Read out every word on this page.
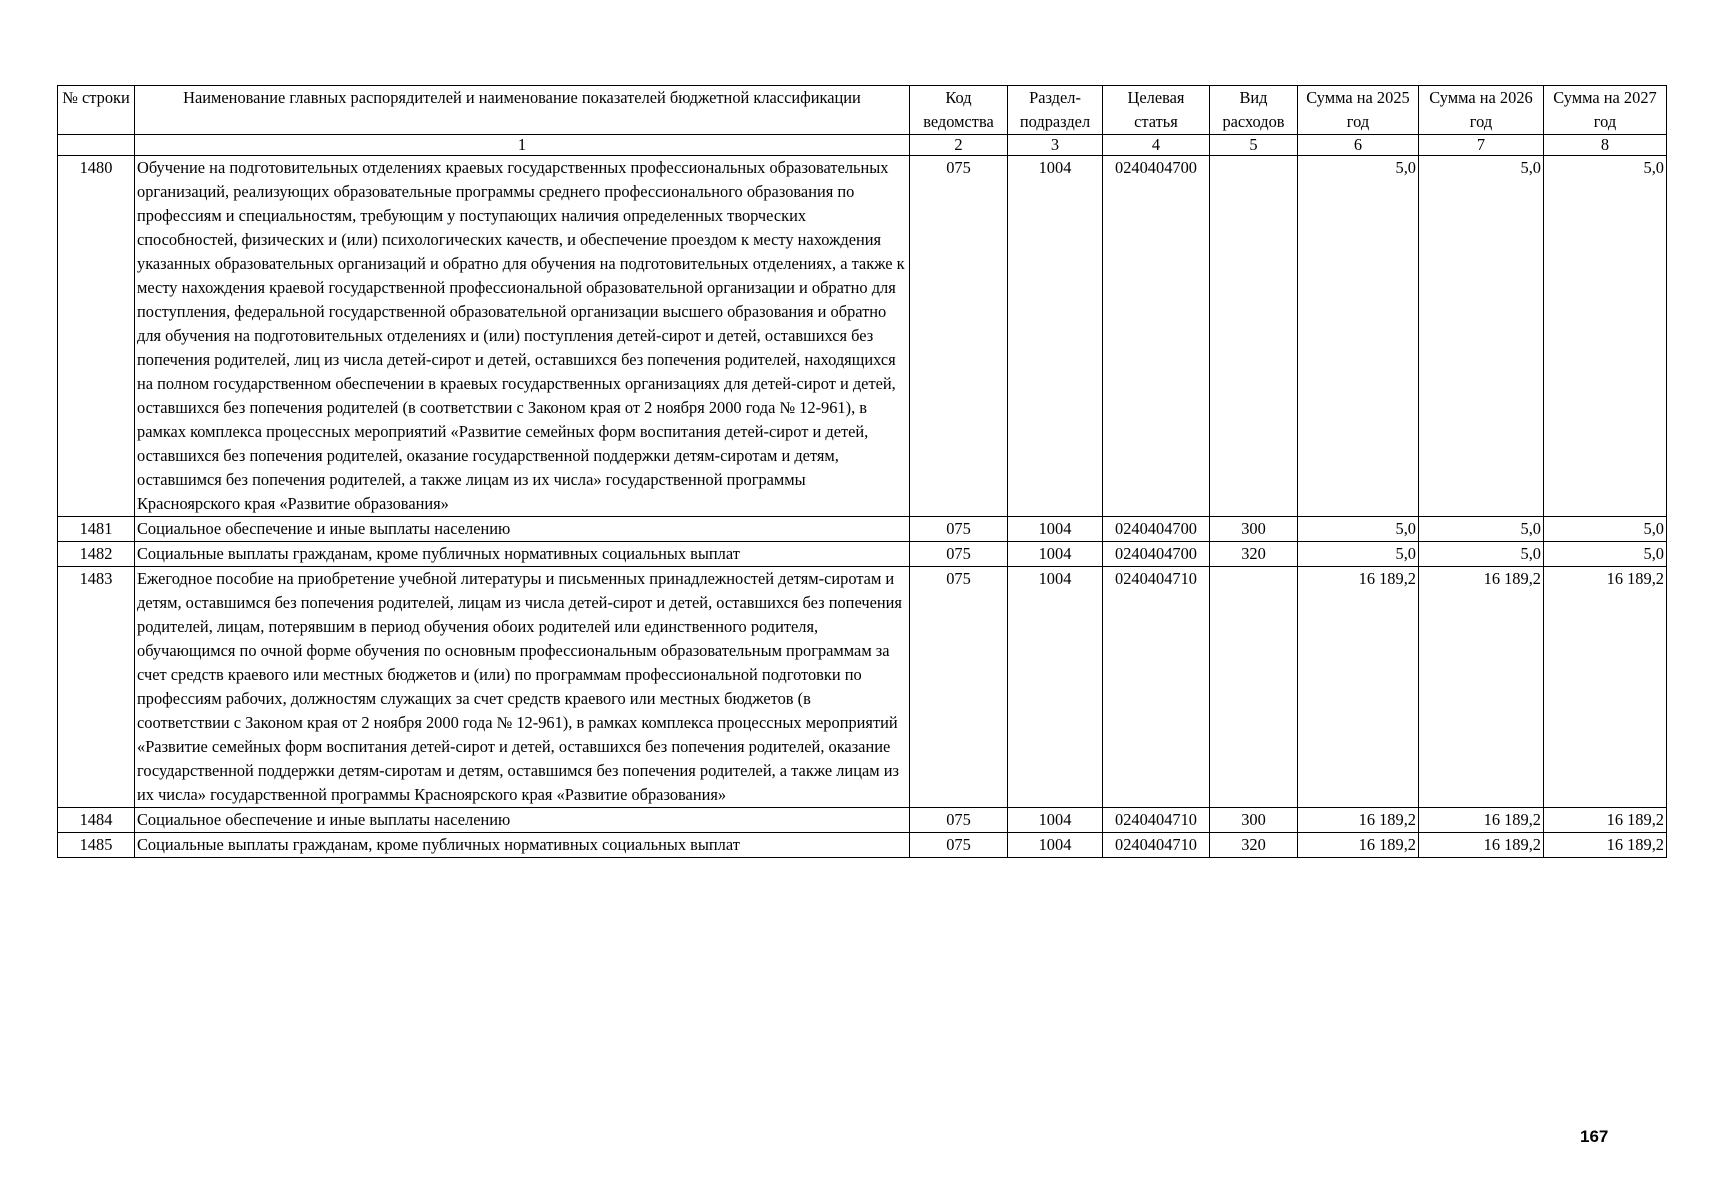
№ строки	Наименование главных распорядителей и наименование показателей бюджетной классификации	Код ведомства	Раздел-подраздел	Целевая статья	Вид расходов	Сумма на 2025 год	Сумма на 2026 год	Сумма на 2027 год
	1	2	3	4	5	6	7	8
1480	Обучение на подготовительных отделениях краевых государственных профессиональных образовательных организаций, реализующих образовательные программы среднего профессионального образования по профессиям и специальностям, требующим у поступающих наличия определенных творческих способностей, физических и (или) психологических качеств, и обеспечение проездом к месту нахождения указанных образовательных организаций и обратно для обучения на подготовительных отделениях, а также к месту нахождения краевой государственной профессиональной образовательной организации и обратно для поступления, федеральной государственной образовательной организации высшего образования и обратно для обучения на подготовительных отделениях и (или) поступления детей-сирот и детей, оставшихся без попечения родителей, лиц из числа детей-сирот и детей, оставшихся без попечения родителей, находящихся на полном государственном обеспечении в краевых государственных организациях для детей-сирот и детей, оставшихся без попечения родителей (в соответствии с Законом края от 2 ноября 2000 года № 12-961), в рамках комплекса процессных мероприятий «Развитие семейных форм воспитания детей-сирот и детей, оставшихся без попечения родителей, оказание государственной поддержки детям-сиротам и детям, оставшимся без попечения родителей, а также лицам из их числа» государственной программы Красноярского края «Развитие образования»	075	1004	0240404700		5,0	5,0	5,0
1481	Социальное обеспечение и иные выплаты населению	075	1004	0240404700	300	5,0	5,0	5,0
1482	Социальные выплаты гражданам, кроме публичных нормативных социальных выплат	075	1004	0240404700	320	5,0	5,0	5,0
1483	Ежегодное пособие на приобретение учебной литературы и письменных принадлежностей детям-сиротам и детям, оставшимся без попечения родителей, лицам из числа детей-сирот и детей, оставшихся без попечения родителей, лицам, потерявшим в период обучения обоих родителей или единственного родителя, обучающимся по очной форме обучения по основным профессиональным образовательным программам за счет средств краевого или местных бюджетов и (или) по программам профессиональной подготовки по профессиям рабочих, должностям служащих за счет средств краевого или местных бюджетов (в соответствии с Законом края от 2 ноября 2000 года № 12-961), в рамках комплекса процессных мероприятий «Развитие семейных форм воспитания детей-сирот и детей, оставшихся без попечения родителей, оказание государственной поддержки детям-сиротам и детям, оставшимся без попечения родителей, а также лицам из их числа» государственной программы Красноярского края «Развитие образования»	075	1004	0240404710		16 189,2	16 189,2	16 189,2
1484	Социальное обеспечение и иные выплаты населению	075	1004	0240404710	300	16 189,2	16 189,2	16 189,2
1485	Социальные выплаты гражданам, кроме публичных нормативных социальных выплат	075	1004	0240404710	320	16 189,2	16 189,2	16 189,2
167
